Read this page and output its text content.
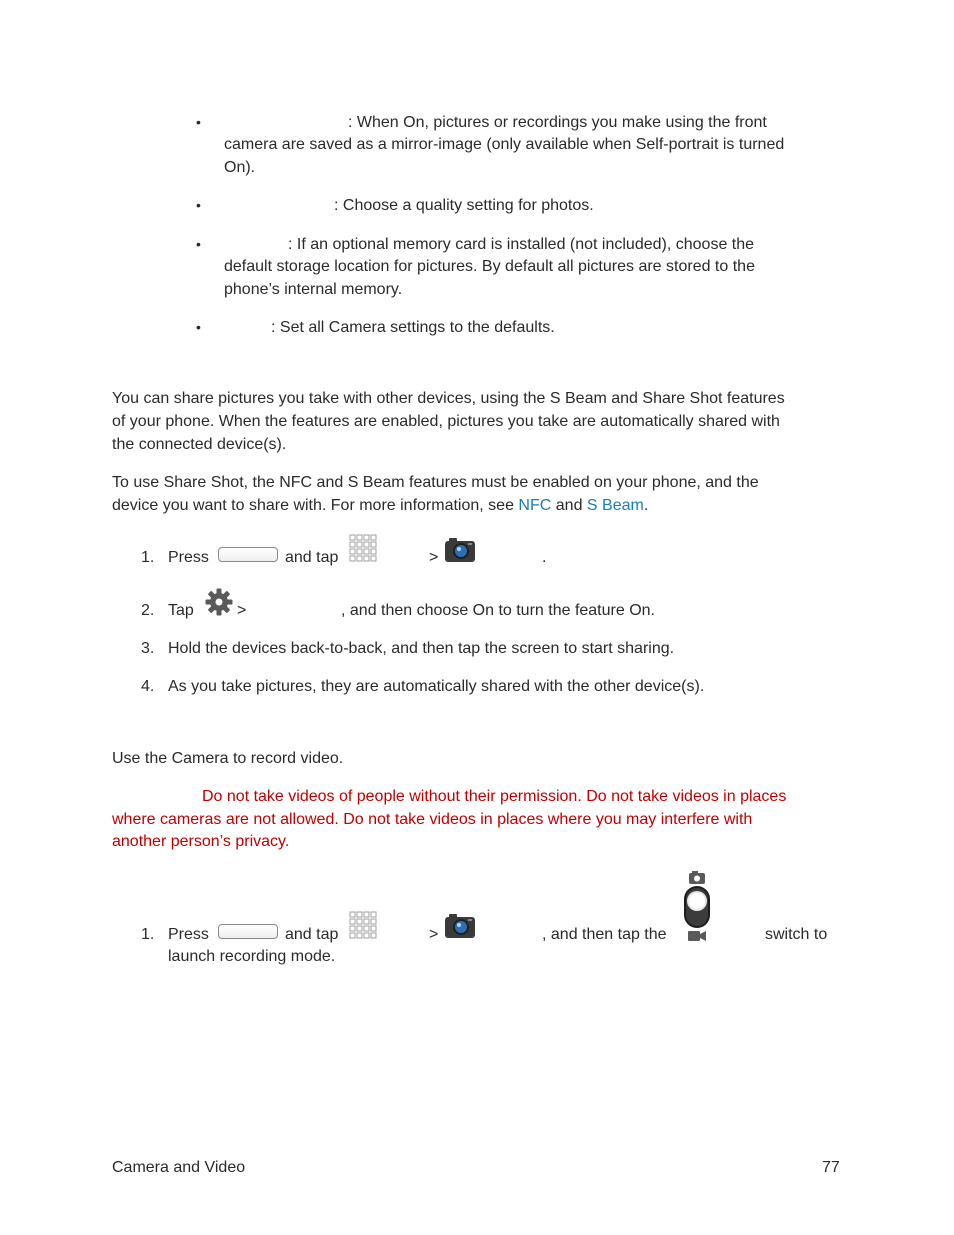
•	: When On, pictures or recordings you make using the front
camera are saved as a mirror-image (only available when Self-portrait is turned
On).
•	: Choose a quality setting for photos.
•	: If an optional memory card is installed (not included), choose the
default storage location for pictures. By default all pictures are stored to the
phone’s internal memory.
•	: Set all Camera settings to the defaults.
You can share pictures you take with other devices, using the S Beam and Share Shot features
of your phone. When the features are enabled, pictures you take are automatically shared with
the connected device(s).
To use Share Shot, the NFC and S Beam features must be enabled on your phone, and the
device you want to share with. For more information, see NFC and S Beam.
1. Press	and tap	>	.
2. Tap	>	, and then choose On to turn the feature On.
3. Hold the devices back-to-back, and then tap the screen to start sharing.
4. As you take pictures, they are automatically shared with the other device(s).
Use the Camera to record video.
Do not take videos of people without their permission. Do not take videos in places
where cameras are not allowed. Do not take videos in places where you may interfere with
another person’s privacy.
1. Press	and tap	>	, and then tap the	switch to
launch recording mode.
Camera and Video	77
